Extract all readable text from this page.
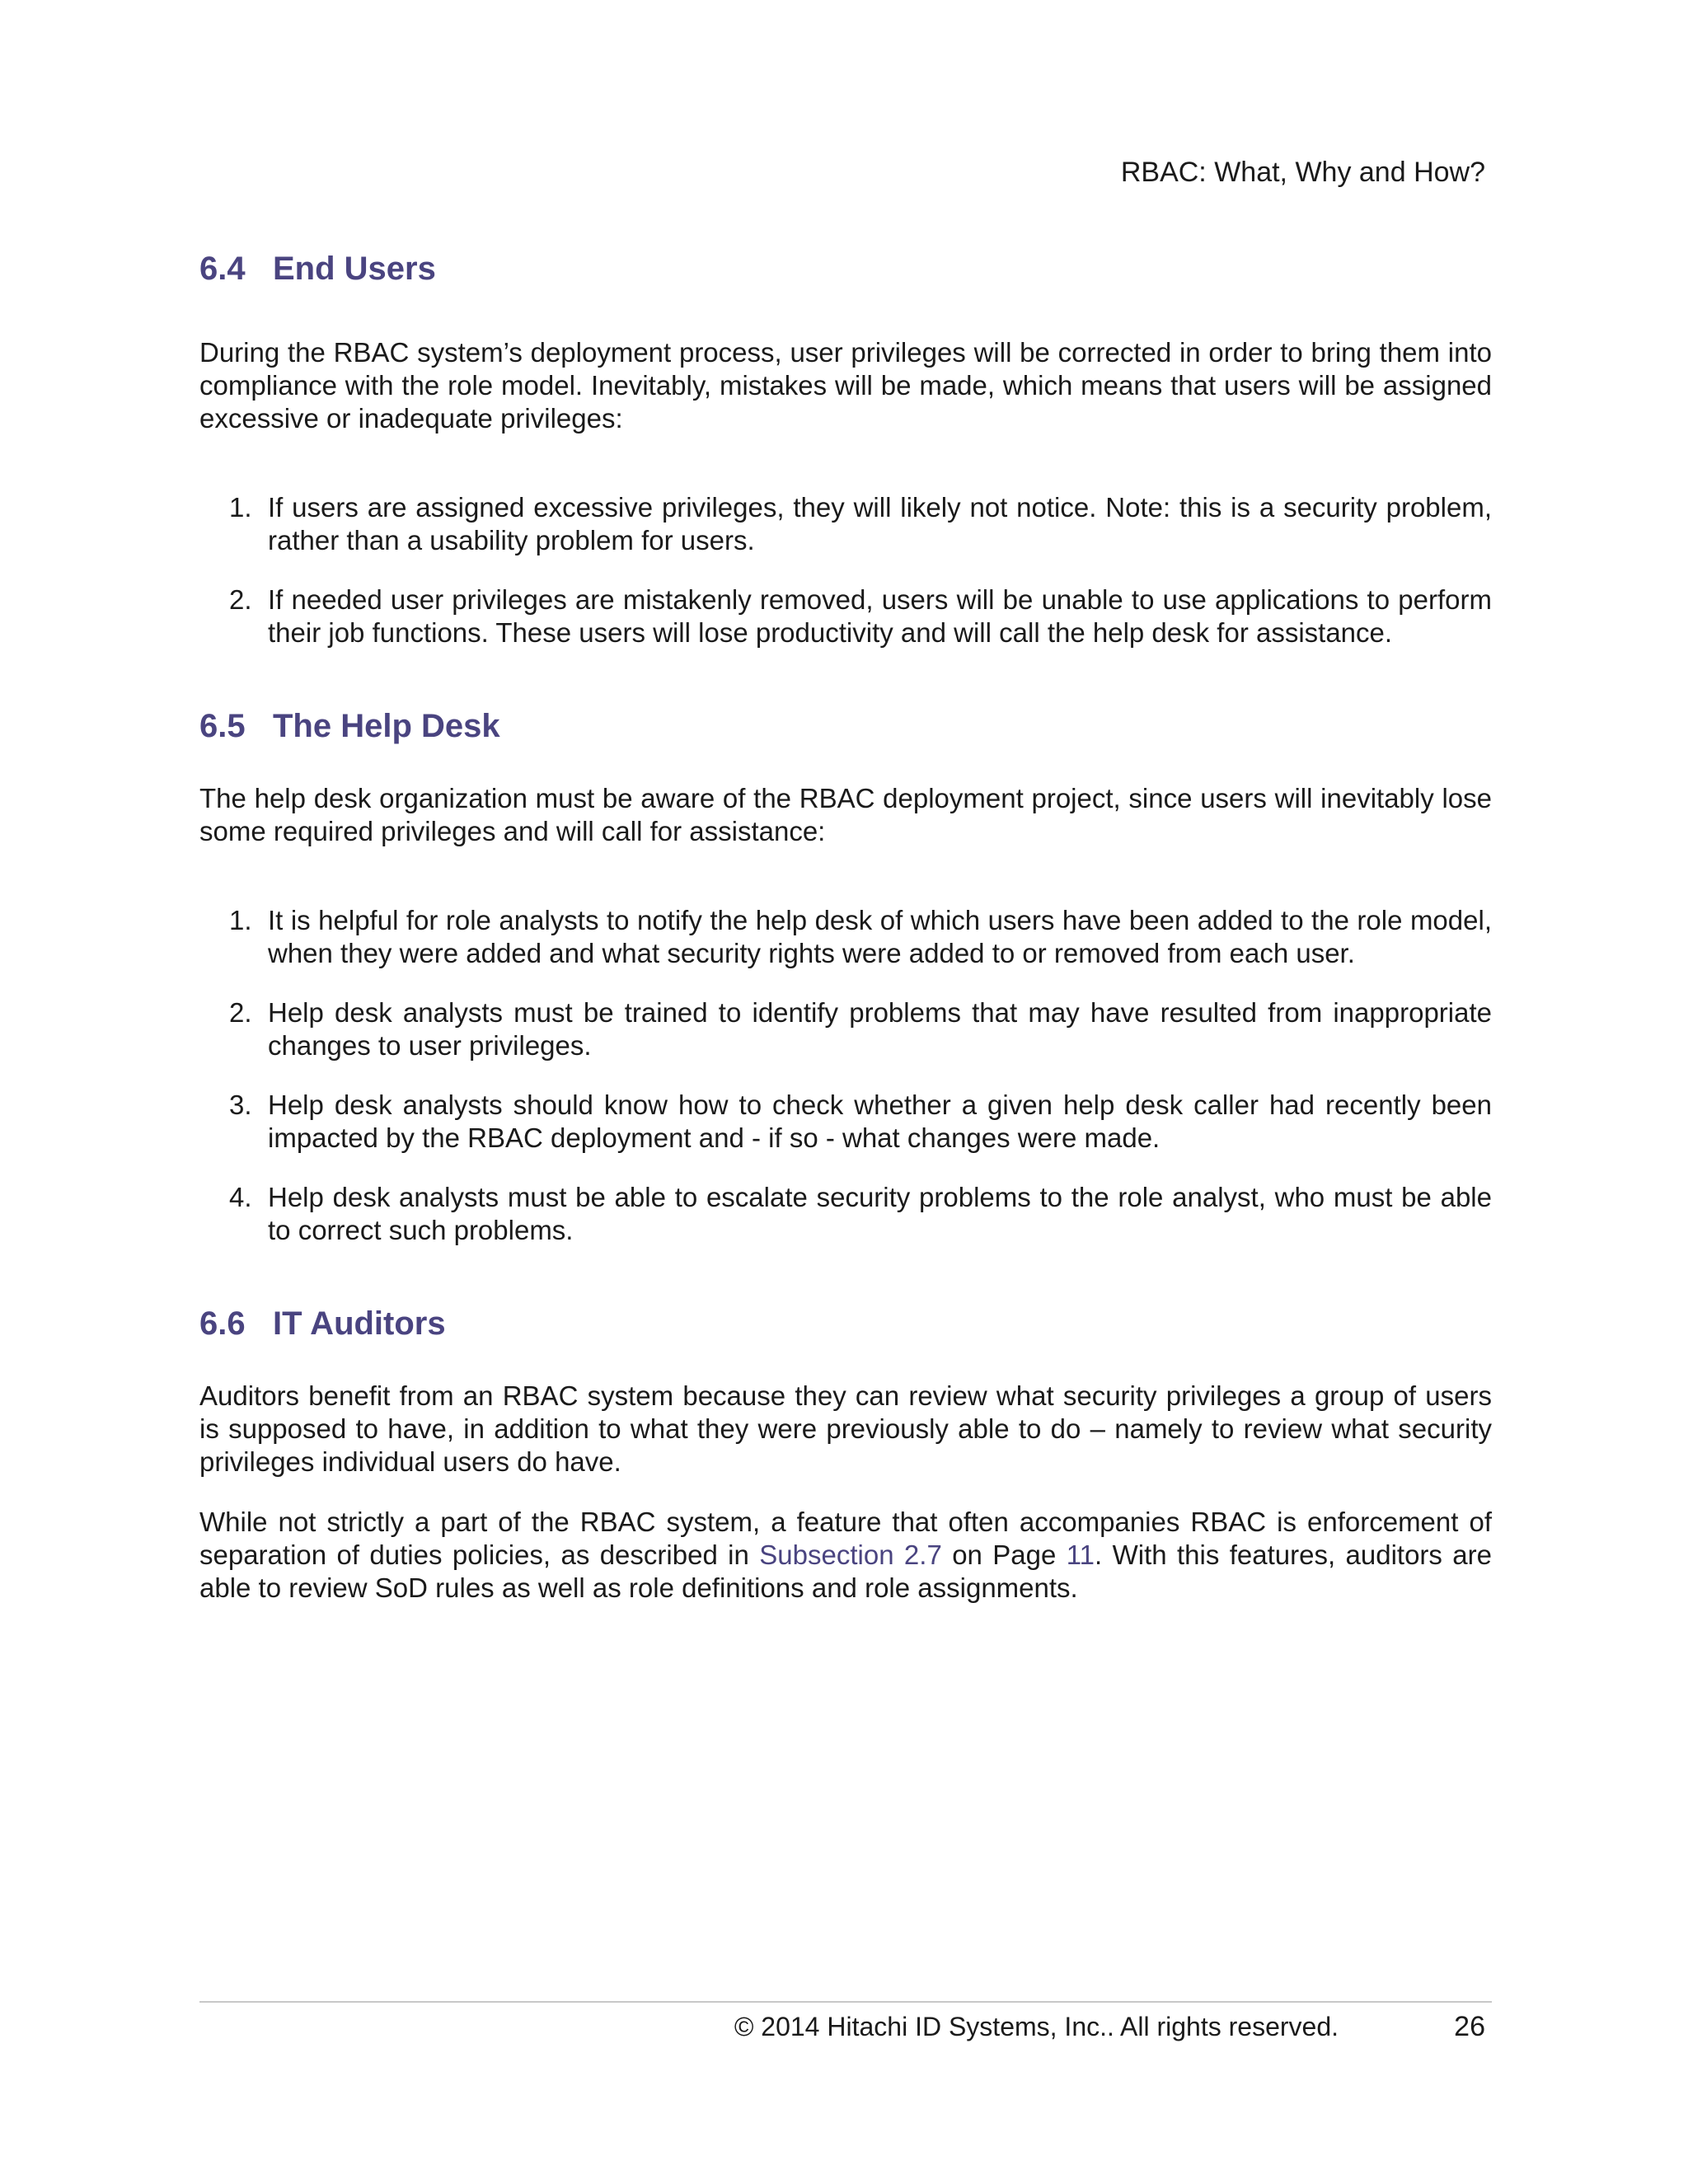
RBAC: What, Why and How?
6.4 End Users

During the RBAC system’s deployment process, user privileges will be corrected in order to bring them into compliance with the role model. Inevitably, mistakes will be made, which means that users will be assigned excessive or inadequate privileges:

1. If users are assigned excessive privileges, they will likely not notice. Note: this is a security problem, rather than a usability problem for users.
2. If needed user privileges are mistakenly removed, users will be unable to use applications to perform their job functions. These users will lose productivity and will call the help desk for assistance.
6.5 The Help Desk

The help desk organization must be aware of the RBAC deployment project, since users will inevitably lose some required privileges and will call for assistance:

1. It is helpful for role analysts to notify the help desk of which users have been added to the role model, when they were added and what security rights were added to or removed from each user.
2. Help desk analysts must be trained to identify problems that may have resulted from inappropriate changes to user privileges.
3. Help desk analysts should know how to check whether a given help desk caller had recently been impacted by the RBAC deployment and - if so - what changes were made.
4. Help desk analysts must be able to escalate security problems to the role analyst, who must be able to correct such problems.
6.6 IT Auditors

Auditors benefit from an RBAC system because they can review what security privileges a group of users is supposed to have, in addition to what they were previously able to do – namely to review what security privileges individual users do have.

While not strictly a part of the RBAC system, a feature that often accompanies RBAC is enforcement of separation of duties policies, as described in Subsection 2.7 on Page 11. With this features, auditors are able to review SoD rules as well as role definitions and role assignments.

© 2014 Hitachi ID Systems, Inc.. All rights reserved.	26
